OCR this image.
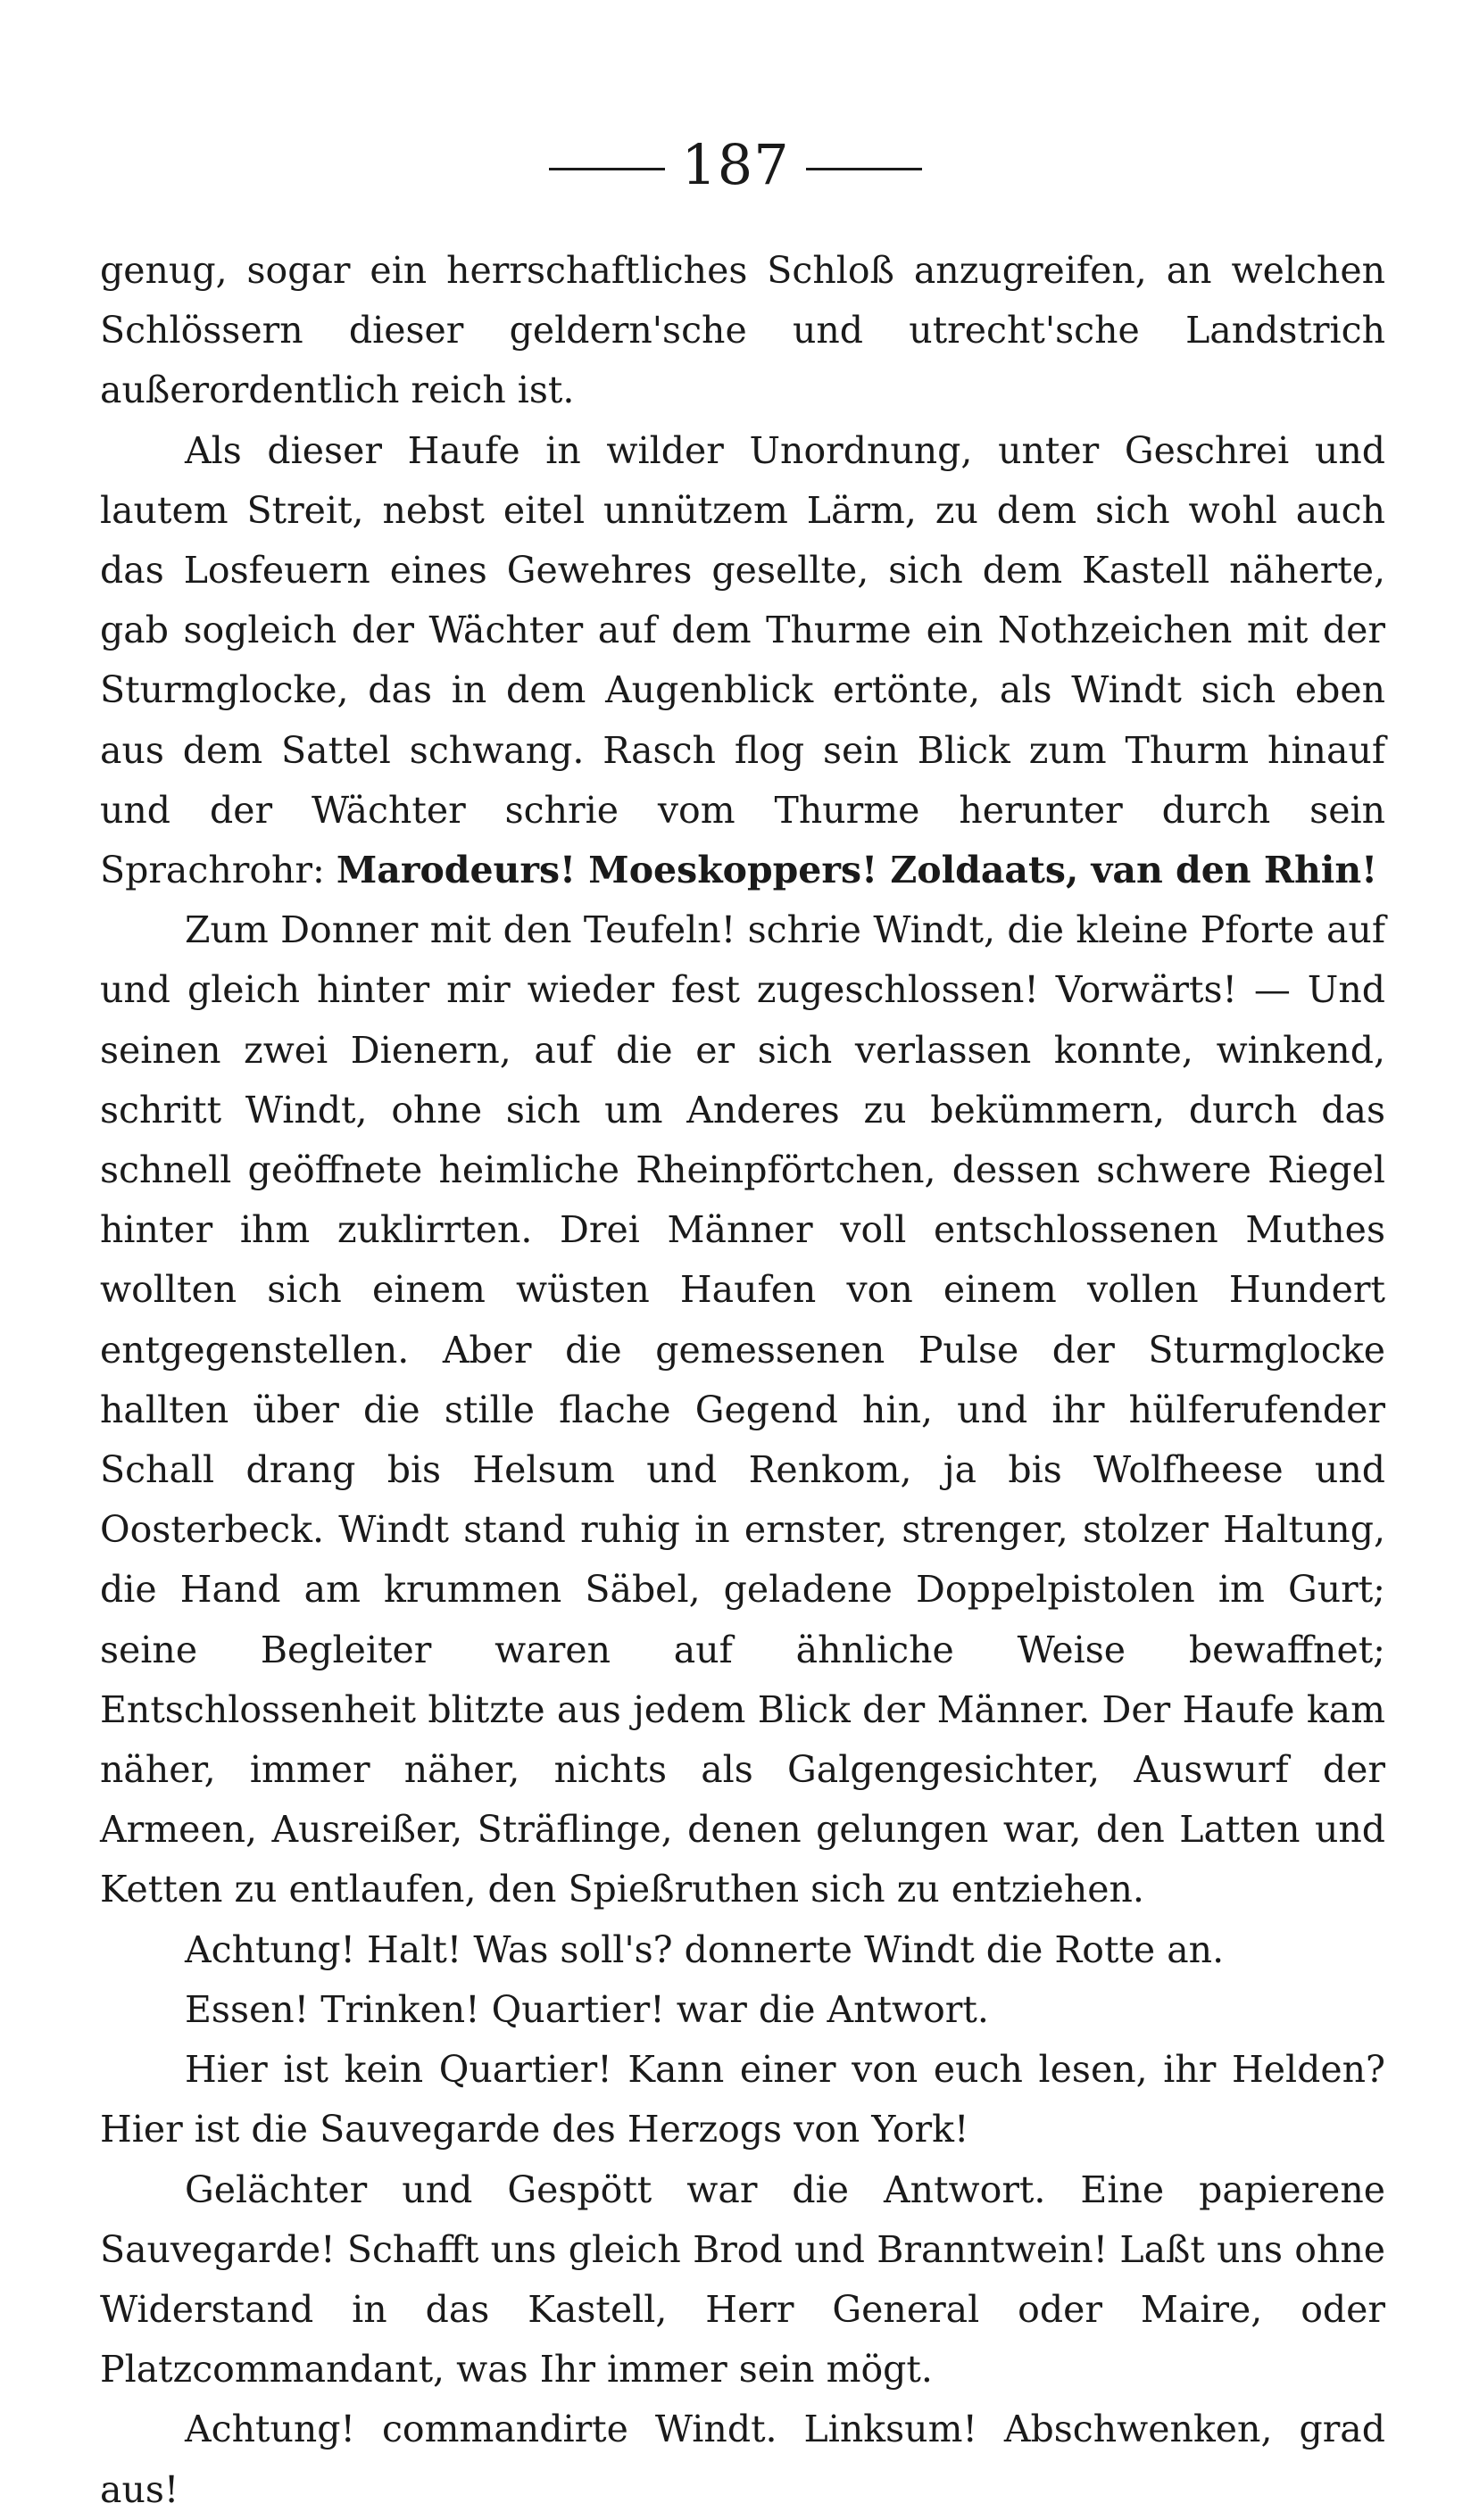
187

genug, sogar ein herrschaftliches Schloß anzugreifen, an welchen Schlössern dieser geldern'sche und utrecht'sche Landstrich außerordentlich reich ist.

Als dieser Haufe in wilder Unordnung, unter Geschrei und lautem Streit, nebst eitel unnützem Lärm, zu dem sich wohl auch das Losfeuern eines Gewehres gesellte, sich dem Kastell näherte, gab sogleich der Wächter auf dem Thurme ein Nothzeichen mit der Sturmglocke, das in dem Augenblick ertönte, als Windt sich eben aus dem Sattel schwang. Rasch flog sein Blick zum Thurm hinauf und der Wächter schrie vom Thurme herunter durch sein Sprachrohr: Marodeurs! Moeskoppers! Zoldaats, van den Rhin!

Zum Donner mit den Teufeln! schrie Windt, die kleine Pforte auf und gleich hinter mir wieder fest zugeschlossen! Vorwärts! — Und seinen zwei Dienern, auf die er sich verlassen konnte, winkend, schritt Windt, ohne sich um Anderes zu bekümmern, durch das schnell geöffnete heimliche Rheinpförtchen, dessen schwere Riegel hinter ihm zuklirrten. Drei Männer voll entschlossenen Muthes wollten sich einem wüsten Haufen von einem vollen Hundert entgegenstellen. Aber die gemessenen Pulse der Sturmglocke hallten über die stille flache Gegend hin, und ihr hülferufender Schall drang bis Helsum und Renkom, ja bis Wolfheese und Oosterbeck. Windt stand ruhig in ernster, strenger, stolzer Haltung, die Hand am krummen Säbel, geladene Doppelpistolen im Gurt; seine Begleiter waren auf ähnliche Weise bewaffnet; Entschlossenheit blitzte aus jedem Blick der Männer. Der Haufe kam näher, immer näher, nichts als Galgengesichter, Auswurf der Armeen, Ausreißer, Sträflinge, denen gelungen war, den Latten und Ketten zu entlaufen, den Spießruthen sich zu entziehen.

Achtung! Halt! Was soll's? donnerte Windt die Rotte an.

Essen! Trinken! Quartier! war die Antwort.

Hier ist kein Quartier! Kann einer von euch lesen, ihr Helden? Hier ist die Sauvegarde des Herzogs von York!

Gelächter und Gespött war die Antwort. Eine papierene Sauvegarde! Schafft uns gleich Brod und Branntwein! Laßt uns ohne Widerstand in das Kastell, Herr General oder Maire, oder Platzcommandant, was Ihr immer sein mögt.

Achtung! commandirte Windt. Linksum! Abschwenken, grad aus!
